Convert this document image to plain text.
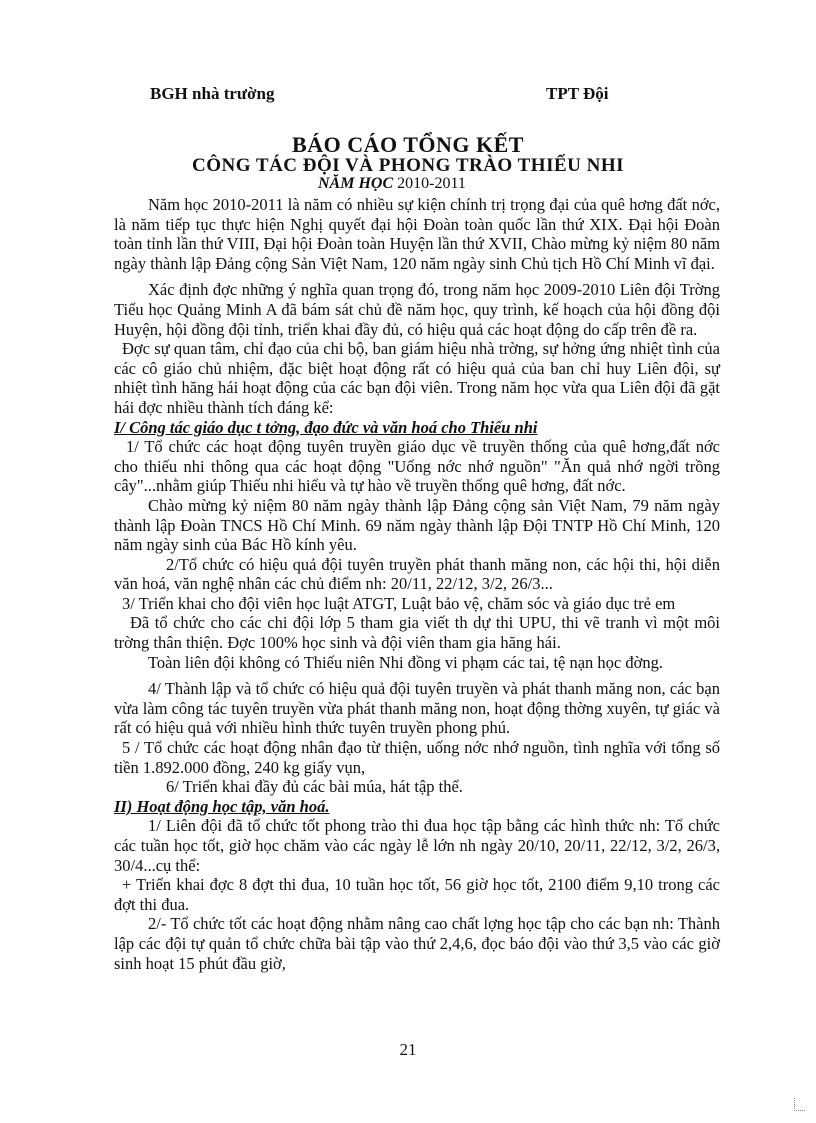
BGH nhà trường	TPT Đội
BÁO CÁO TỔNG KẾT
CÔNG TÁC ĐỘI VÀ PHONG TRÀO THIẾU NHI
NĂM HỌC 2010-2011

Năm học 2010-2011 là năm có nhiều sự kiện chính trị trọng đại của quê hơng đất nớc, là năm tiếp tục thực hiện Nghị quyết đại hội Đoàn toàn quốc lần thứ XIX. Đại hội Đoàn toàn tỉnh lần thứ VIII, Đại hội Đoàn toàn Huyện lần thứ XVII, Chào mừng kỷ niệm 80 năm ngày thành lập Đảng cộng Sản Việt Nam, 120 năm ngày sinh Chủ tịch Hồ Chí Minh vĩ đại.

Xác định đợc những ý nghĩa quan trọng đó, trong năm học 2009-2010 Liên đội Trờng Tiểu học Quảng Minh A đã bám sát chủ đề năm học, quy trình, kế hoạch của hội đồng đội Huyện, hội đồng đội tỉnh, triển khai đầy đủ, có hiệu quả các hoạt động do cấp trên đề ra.

Đợc sự quan tâm, chỉ đạo của chi bộ, ban giám hiệu nhà trờng, sự hởng ứng nhiệt tình của các cô giáo chủ nhiệm, đặc biệt hoạt động rất có hiệu quả của ban chỉ huy Liên đội, sự nhiệt tình hăng hái hoạt động của các bạn đội viên. Trong năm học vừa qua Liên đội đã gặt hái đợc nhiều thành tích đáng kể:

I/ Công tác giáo dục t tởng, đạo đức và văn hoá cho Thiếu nhi

1/ Tổ chức các hoạt động tuyên truyền giáo dục về truyền thống của quê hơng,đất nớc cho thiếu nhi thông qua các hoạt động "Uống nớc nhớ nguồn" "Ăn quả nhớ ngời trồng cây"...nhằm giúp Thiếu nhi hiểu và tự hào về truyền thống quê hơng, đất nớc.

Chào mừng kỷ niệm 80 năm ngày thành lập Đảng cộng sản Việt Nam, 79 năm ngày thành lập Đoàn TNCS Hồ Chí Minh. 69 năm ngày thành lập Đội TNTP Hồ Chí Minh, 120 năm ngày sinh của Bác Hồ kính yêu.

2/Tổ chức có hiệu quả đội tuyên truyền phát thanh măng non, các hội thi, hội diễn văn hoá, văn nghệ nhân các chủ điểm nh: 20/11, 22/12, 3/2, 26/3...

3/ Triển khai cho đội viên học luật ATGT, Luật bảo vệ, chăm sóc và giáo dục trẻ em

Đã tổ chức cho các chi đội lớp 5 tham gia viết th dự thi UPU, thi vẽ tranh vì một môi trờng thân thiện. Đợc 100% học sinh và đội viên tham gia hăng hái.

Toàn liên đội không có Thiếu niên Nhi đồng vi phạm các tai, tệ nạn học đờng.

4/ Thành lập và tổ chức có hiệu quả đội tuyên truyền và phát thanh măng non, các bạn vừa làm công tác tuyên truyền vừa phát thanh măng non, hoạt động thờng xuyên, tự giác và rất có hiệu quả với nhiều hình thức tuyên truyền phong phú.

5 / Tổ chức các hoạt động nhân đạo từ thiện, uống nớc nhớ nguồn, tình nghĩa với tổng số tiền 1.892.000 đồng, 240 kg giấy vụn,

6/ Triển khai đầy đủ các bài múa, hát tập thể.

II) Hoạt động học tập, văn hoá.

1/ Liên đội đã tổ chức tốt phong trào thi đua học tập bằng các hình thức nh: Tổ chức các tuần học tốt, giờ học chăm vào các ngày lễ lớn nh ngày 20/10, 20/11, 22/12, 3/2, 26/3, 30/4...cụ thể:

+ Triển khai đợc 8 đợt thi đua, 10 tuần học tốt, 56 giờ học tốt, 2100 điểm 9,10 trong các đợt thi đua.

2/- Tổ chức tốt các hoạt động nhằm nâng cao chất lợng học tập cho các bạn nh: Thành lập các đội tự quản tổ chức chữa bài tập vào thứ 2,4,6, đọc báo đội vào thứ 3,5 vào các giờ sinh hoạt 15 phút đầu giờ,

21
